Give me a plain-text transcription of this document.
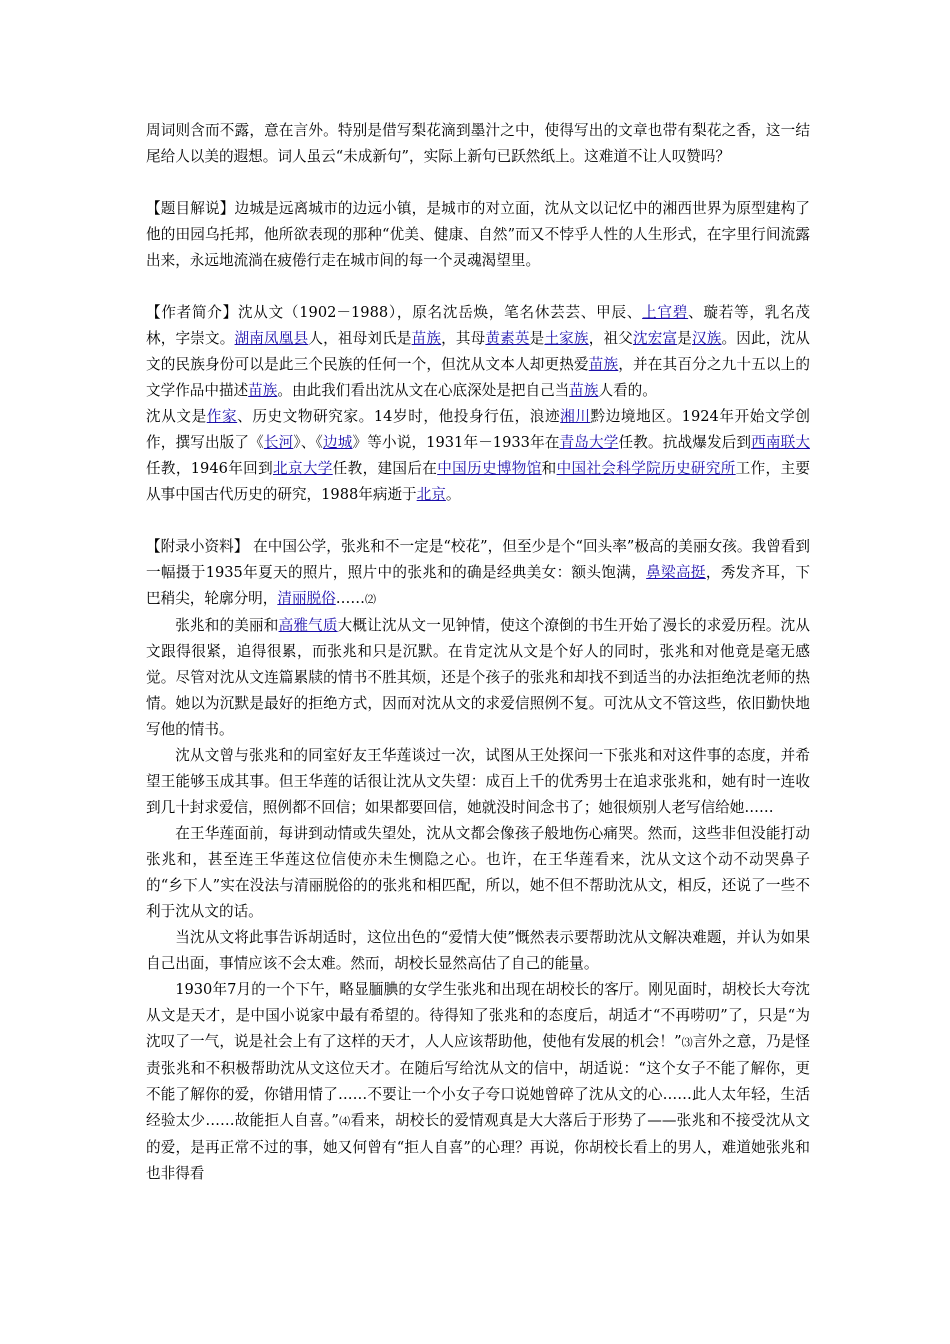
周词则含而不露，意在言外。特别是借写梨花滴到墨汁之中，使得写出的文章也带有梨花之香，这一结尾给人以美的遐想。词人虽云“未成新句”，实际上新句已跃然纸上。这难道不让人叹赞吗？

【题目解说】边城是远离城市的边远小镇，是城市的对立面，沈从文以记忆中的湘西世界为原型建构了他的田园乌托邦，他所欲表现的那种“优美、健康、自然”而又不悖乎人性的人生形式，在字里行间流露出来，永远地流淌在疲倦行走在城市间的每一个灵魂渴望里。

【作者简介】沈从文（1902－1988），原名沈岳焕，笔名休芸芸、甲辰、上官碧、璇若等，乳名茂林，字崇文。湖南凤凰县人，祖母刘氏是苗族，其母黄素英是土家族，祖父沈宏富是汉族。因此，沈从文的民族身份可以是此三个民族的任何一个，但沈从文本人却更热爱苗族，并在其百分之九十五以上的文学作品中描述苗族。由此我们看出沈从文在心底深处是把自己当苗族人看的。

沈从文是作家、历史文物研究家。14岁时，他投身行伍，浪迹湘川黔边境地区。1924年开始文学创作，撰写出版了《长河》、《边城》等小说，1931年－1933年在青岛大学任教。抗战爆发后到西南联大任教，1946年回到北京大学任教，建国后在中国历史博物馆和中国社会科学院历史研究所工作，主要从事中国古代历史的研究，1988年病逝于北京。

【附录小资料】 在中国公学，张兆和不一定是“校花”，但至少是个“回头率”极高的美丽女孩。我曾看到一幅摄于1935年夏天的照片，照片中的张兆和的确是经典美女：额头饱满，鼻梁高挺，秀发齐耳，下巴稍尖，轮廓分明，清丽脱俗……⑵

张兆和的美丽和高雅气质大概让沈从文一见钟情，使这个潦倒的书生开始了漫长的求爱历程。沈从文跟得很紧，追得很累，而张兆和只是沉默。在肯定沈从文是个好人的同时，张兆和对他竟是毫无感觉。尽管对沈从文连篇累牍的情书不胜其烦，还是个孩子的张兆和却找不到适当的办法拒绝沈老师的热情。她以为沉默是最好的拒绝方式，因而对沈从文的求爱信照例不复。可沈从文不管这些，依旧勤快地写他的情书。

沈从文曾与张兆和的同室好友王华莲谈过一次，试图从王处探问一下张兆和对这件事的态度，并希望王能够玉成其事。但王华莲的话很让沈从文失望：成百上千的优秀男士在追求张兆和，她有时一连收到几十封求爱信，照例都不回信；如果都要回信，她就没时间念书了；她很烦别人老写信给她……

在王华莲面前，每讲到动情或失望处，沈从文都会像孩子般地伤心痛哭。然而，这些非但没能打动张兆和，甚至连王华莲这位信使亦未生恻隐之心。也许，在王华莲看来，沈从文这个动不动哭鼻子的“乡下人”实在没法与清丽脱俗的的张兆和相匹配，所以，她不但不帮助沈从文，相反，还说了一些不利于沈从文的话。

当沈从文将此事告诉胡适时，这位出色的“爱情大使”慨然表示要帮助沈从文解决难题，并认为如果自己出面，事情应该不会太难。然而，胡校长显然高估了自己的能量。

1930年7月的一个下午，略显腼腆的女学生张兆和出现在胡校长的客厅。刚见面时，胡校长大夸沈从文是天才，是中国小说家中最有希望的。待得知了张兆和的态度后，胡适才“不再唠叨”了，只是“为沈叹了一气，说是社会上有了这样的天才，人人应该帮助他，使他有发展的机会！”⑶言外之意，乃是怪责张兆和不积极帮助沈从文这位天才。在随后写给沈从文的信中，胡适说：“这个女子不能了解你，更不能了解你的爱，你错用情了……不要让一个小女子夸口说她曾碎了沈从文的心……此人太年轻，生活经验太少……故能拒人自喜。”⑷看来，胡校长的爱情观真是大大落后于形势了——张兆和不接受沈从文的爱，是再正常不过的事，她又何曾有“拒人自喜”的心理？再说，你胡校长看上的男人，难道她张兆和也非得看
